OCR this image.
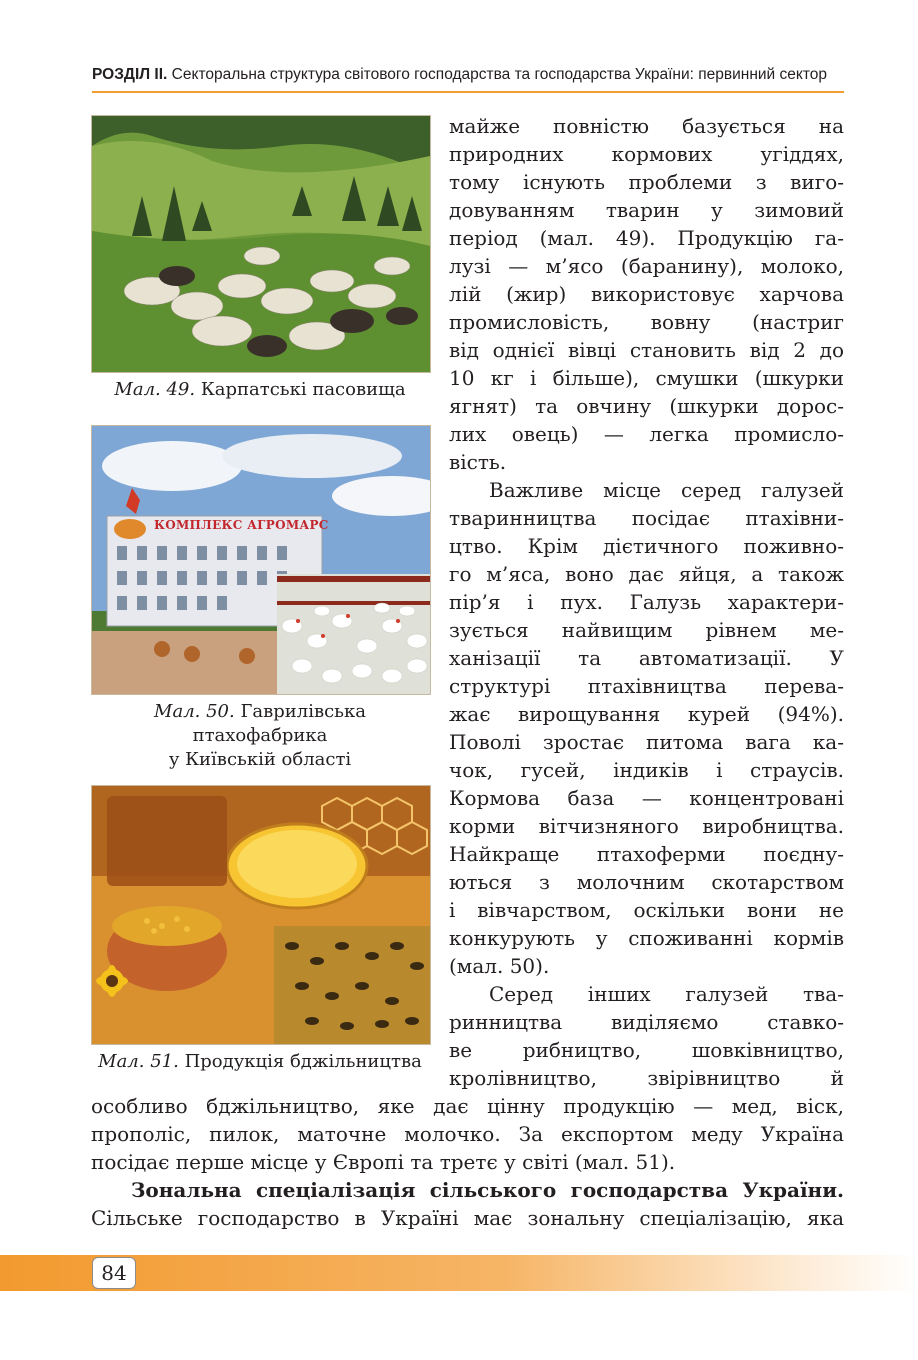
РОЗДІЛ II. Секторальна структура світового господарства та господарства України: первинний сектор
Мал. 49. Карпатські пасовища
КОМПЛЕКС АГРОМАРС
Мал. 50. Гаврилівська
птахофабрика
у Київській області
Мал. 51. Продукція бджільництва
майже повністю базується на
природних кормових угіддях,
тому існують проблеми з виго-
довуванням тварин у зимовий
період (мал. 49). Продукцію га-
лузі — м’ясо (баранину), молоко,
лій (жир) використовує харчова
промисловість, вовну (настриг
від однієї вівці становить від 2 до
10 кг і більше), смушки (шкурки
ягнят) та овчину (шкурки дорос-
лих овець) — легка промисло-
вість.
Важливе місце серед галузей
тваринництва посідає птахівни-
цтво. Крім дієтичного поживно-
го м’яса, воно дає яйця, а також
пір’я і пух. Галузь характери-
зується найвищим рівнем ме-
ханізації та автоматизації. У
структурі птахівництва перева-
жає вирощування курей (94%).
Поволі зростає питома вага ка-
чок, гусей, індиків і страусів.
Кормова база — концентровані
корми вітчизняного виробництва.
Найкраще птахоферми поєдну-
ються з молочним скотарством
і вівчарством, оскільки вони не
конкурують у споживанні кормів
(мал. 50).
Серед інших галузей тва-
ринництва виділяємо ставко-
ве рибництво, шовківництво,
кролівництво, звірівництво й
особливо бджільництво, яке дає цінну продукцію — мед, віск,
прополіс, пилок, маточне молочко. За експортом меду Україна
посідає перше місце у Європі та третє у світі (мал. 51).
Зональна спеціалізація сільського господарства України.
Сільське господарство в Україні має зональну спеціалізацію, яка
84
